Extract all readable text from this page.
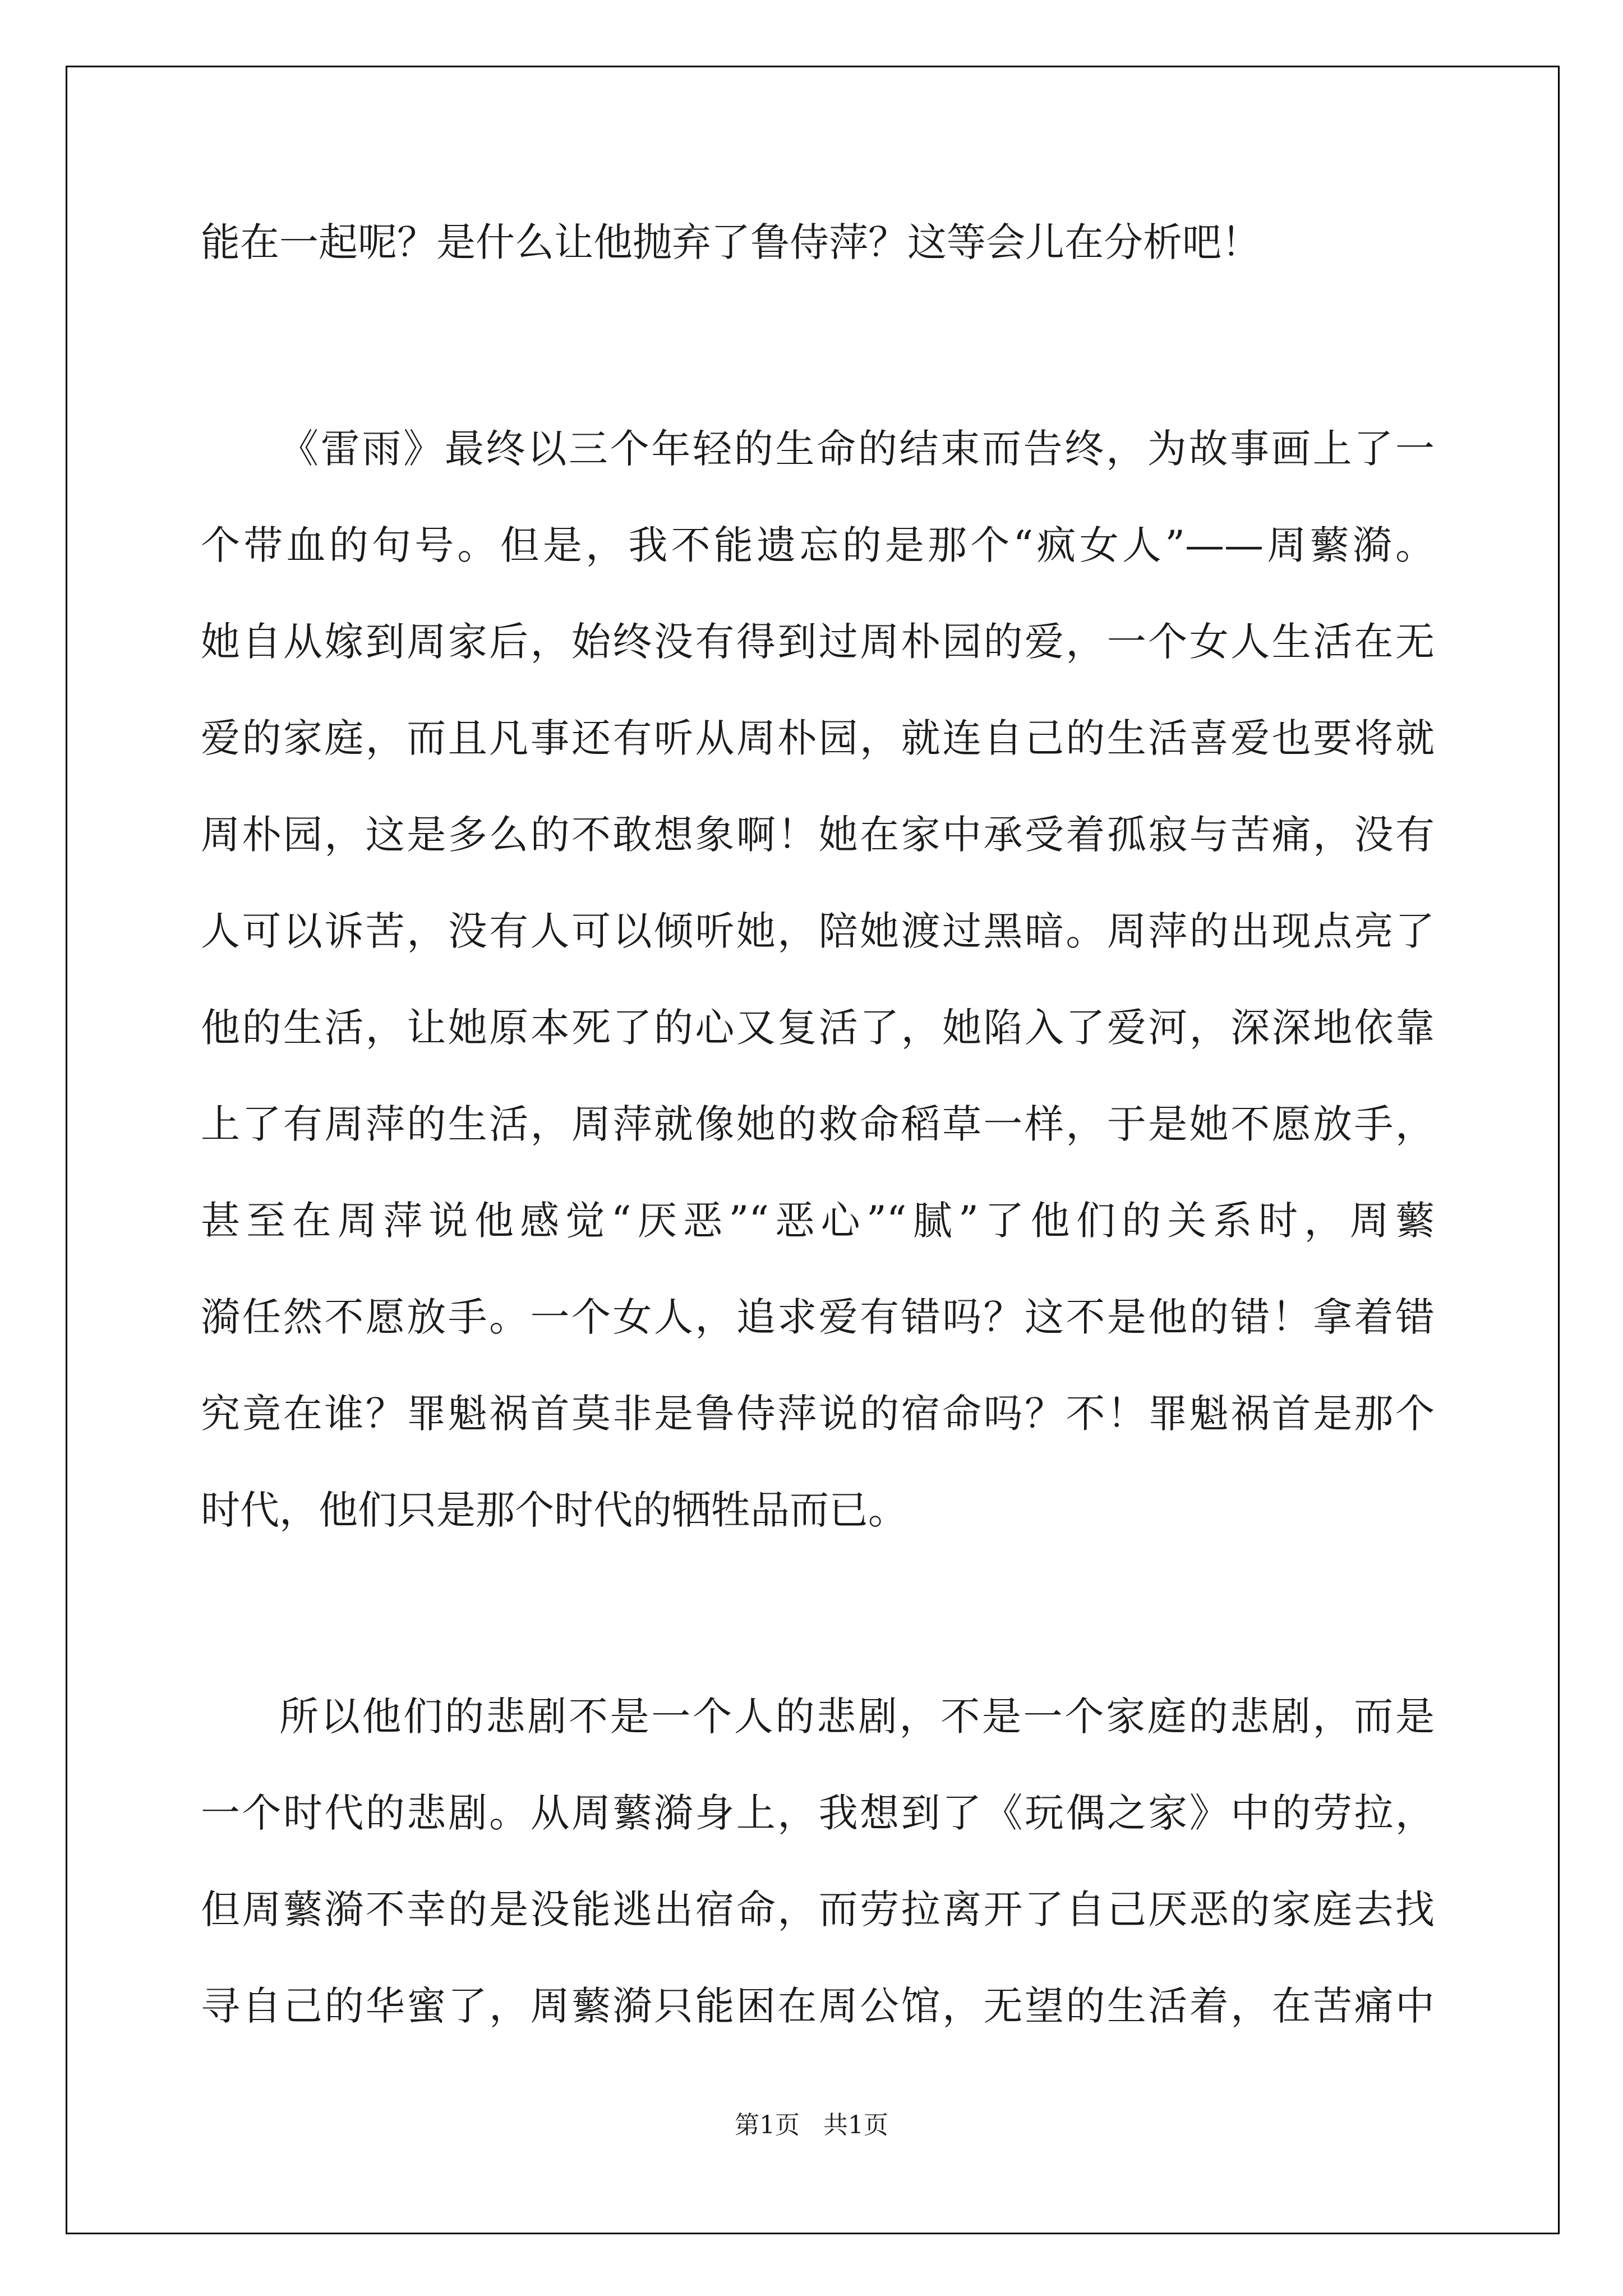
能在一起呢？是什么让他抛弃了鲁侍萍？这等会儿在分析吧！
《雷雨》最终以三个年轻的生命的结束而告终，为故事画上了一
个带血的句号。但是，我不能遗忘的是那个“疯女人”——周蘩漪。
她自从嫁到周家后，始终没有得到过周朴园的爱，一个女人生活在无
爱的家庭，而且凡事还有听从周朴园，就连自己的生活喜爱也要将就
周朴园，这是多么的不敢想象啊！她在家中承受着孤寂与苦痛，没有
人可以诉苦，没有人可以倾听她，陪她渡过黑暗。周萍的出现点亮了
他的生活，让她原本死了的心又复活了，她陷入了爱河，深深地依靠
上了有周萍的生活，周萍就像她的救命稻草一样，于是她不愿放手，
甚至在周萍说他感觉“厌恶”“恶心”“腻”了他们的关系时，周蘩
漪任然不愿放手。一个女人，追求爱有错吗？这不是他的错！拿着错
究竟在谁？罪魁祸首莫非是鲁侍萍说的宿命吗？不！罪魁祸首是那个
时代，他们只是那个时代的牺牲品而已。
所以他们的悲剧不是一个人的悲剧，不是一个家庭的悲剧，而是
一个时代的悲剧。从周蘩漪身上，我想到了《玩偶之家》中的劳拉，
但周蘩漪不幸的是没能逃出宿命，而劳拉离开了自己厌恶的家庭去找
寻自己的华蜜了，周蘩漪只能困在周公馆，无望的生活着，在苦痛中
第1页   共1页
